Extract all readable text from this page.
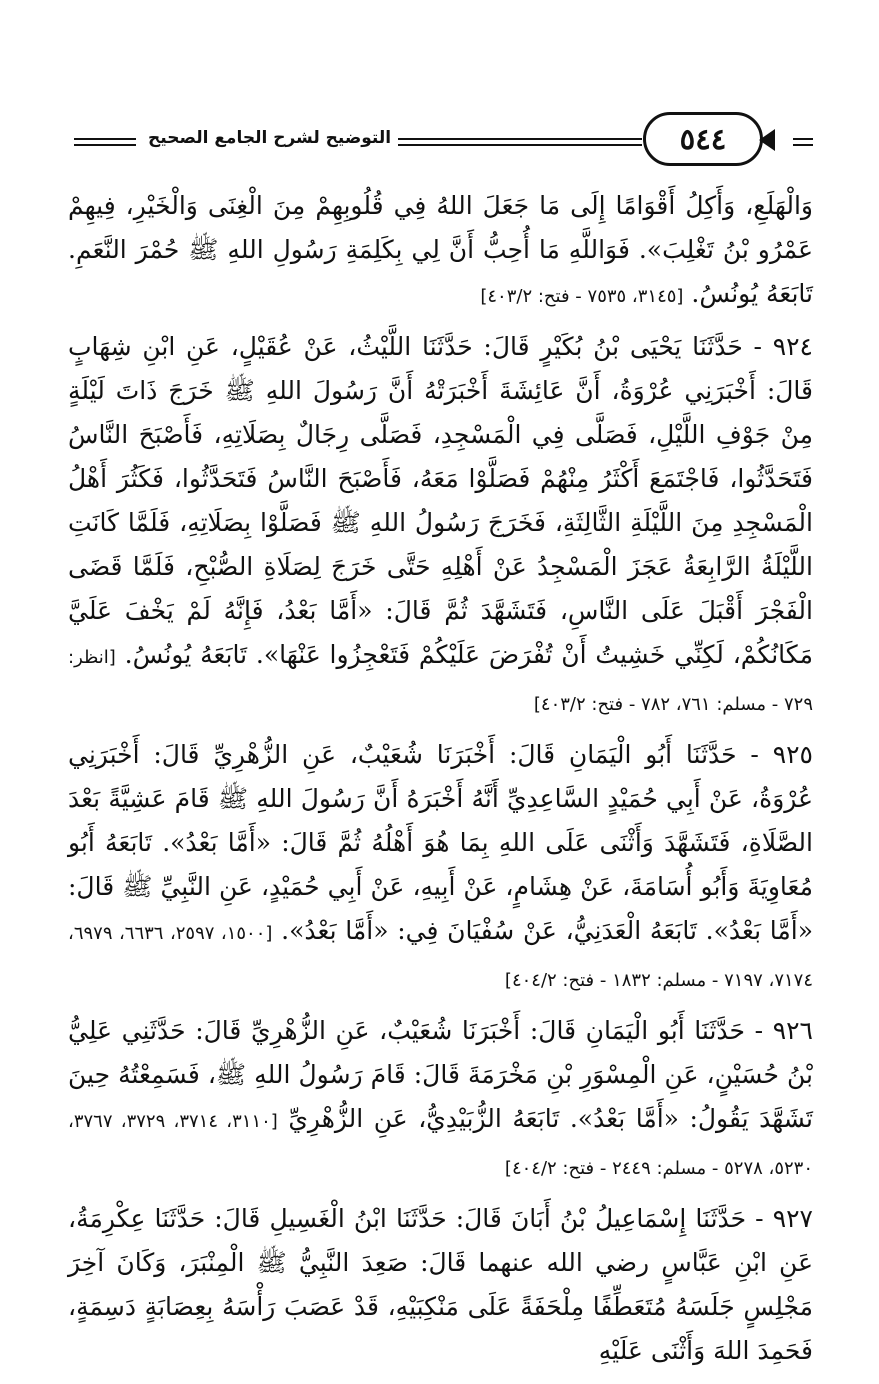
٥٤٤
التوضيح لشرح الجامع الصحيح

وَالْهَلَعِ، وَأَكِلُ أَقْوَامًا إِلَى مَا جَعَلَ اللهُ فِي قُلُوبِهِمْ مِنَ الْغِنَى وَالْخَيْرِ، فِيهِمْ عَمْرُو بْنُ تَغْلِبَ». فَوَاللَّهِ مَا أُحِبُّ أَنَّ لِي بِكَلِمَةِ رَسُولِ اللهِ ﷺ حُمْرَ النَّعَمِ. تَابَعَهُ يُونُسُ. [٣١٤٥، ٧٥٣٥ - فتح: ٤٠٣/٢]

٩٢٤ - حَدَّثَنَا يَحْيَى بْنُ بُكَيْرٍ قَالَ: حَدَّثَنَا اللَّيْثُ، عَنْ عُقَيْلٍ، عَنِ ابْنِ شِهَابٍ قَالَ: أَخْبَرَنِي عُرْوَةُ، أَنَّ عَائِشَةَ أَخْبَرَتْهُ أَنَّ رَسُولَ اللهِ ﷺ خَرَجَ ذَاتَ لَيْلَةٍ مِنْ جَوْفِ اللَّيْلِ، فَصَلَّى فِي الْمَسْجِدِ، فَصَلَّى رِجَالٌ بِصَلَاتِهِ، فَأَصْبَحَ النَّاسُ فَتَحَدَّثُوا، فَاجْتَمَعَ أَكْثَرُ مِنْهُمْ فَصَلَّوْا مَعَهُ، فَأَصْبَحَ النَّاسُ فَتَحَدَّثُوا، فَكَثُرَ أَهْلُ الْمَسْجِدِ مِنَ اللَّيْلَةِ الثَّالِثَةِ، فَخَرَجَ رَسُولُ اللهِ ﷺ فَصَلَّوْا بِصَلَاتِهِ، فَلَمَّا كَانَتِ اللَّيْلَةُ الرَّابِعَةُ عَجَزَ الْمَسْجِدُ عَنْ أَهْلِهِ حَتَّى خَرَجَ لِصَلَاةِ الصُّبْحِ، فَلَمَّا قَضَى الْفَجْرَ أَقْبَلَ عَلَى النَّاسِ، فَتَشَهَّدَ ثُمَّ قَالَ: «أَمَّا بَعْدُ، فَإِنَّهُ لَمْ يَخْفَ عَلَيَّ مَكَانُكُمْ، لَكِنِّي خَشِيتُ أَنْ تُفْرَضَ عَلَيْكُمْ فَتَعْجِزُوا عَنْهَا». تَابَعَهُ يُونُسُ. [انظر: ٧٢٩ - مسلم: ٧٦١، ٧٨٢ - فتح: ٤٠٣/٢]

٩٢٥ - حَدَّثَنَا أَبُو الْيَمَانِ قَالَ: أَخْبَرَنَا شُعَيْبٌ، عَنِ الزُّهْرِيِّ قَالَ: أَخْبَرَنِي عُرْوَةُ، عَنْ أَبِي حُمَيْدٍ السَّاعِدِيِّ أَنَّهُ أَخْبَرَهُ أَنَّ رَسُولَ اللهِ ﷺ قَامَ عَشِيَّةً بَعْدَ الصَّلَاةِ، فَتَشَهَّدَ وَأَثْنَى عَلَى اللهِ بِمَا هُوَ أَهْلُهُ ثُمَّ قَالَ: «أَمَّا بَعْدُ». تَابَعَهُ أَبُو مُعَاوِيَةَ وَأَبُو أُسَامَةَ، عَنْ هِشَامٍ، عَنْ أَبِيهِ، عَنْ أَبِي حُمَيْدٍ، عَنِ النَّبِيِّ ﷺ قَالَ: «أَمَّا بَعْدُ». تَابَعَهُ الْعَدَنِيُّ، عَنْ سُفْيَانَ فِي: «أَمَّا بَعْدُ». [١٥٠٠، ٢٥٩٧، ٦٦٣٦، ٦٩٧٩، ٧١٧٤، ٧١٩٧ - مسلم: ١٨٣٢ - فتح: ٤٠٤/٢]

٩٢٦ - حَدَّثَنَا أَبُو الْيَمَانِ قَالَ: أَخْبَرَنَا شُعَيْبٌ، عَنِ الزُّهْرِيِّ قَالَ: حَدَّثَنِي عَلِيُّ بْنُ حُسَيْنٍ، عَنِ الْمِسْوَرِ بْنِ مَخْرَمَةَ قَالَ: قَامَ رَسُولُ اللهِ ﷺ، فَسَمِعْتُهُ حِينَ تَشَهَّدَ يَقُولُ: «أَمَّا بَعْدُ». تَابَعَهُ الزُّبَيْدِيُّ، عَنِ الزُّهْرِيِّ [٣١١٠، ٣٧١٤، ٣٧٢٩، ٣٧٦٧، ٥٢٣٠، ٥٢٧٨ - مسلم: ٢٤٤٩ - فتح: ٤٠٤/٢]

٩٢٧ - حَدَّثَنَا إِسْمَاعِيلُ بْنُ أَبَانَ قَالَ: حَدَّثَنَا ابْنُ الْغَسِيلِ قَالَ: حَدَّثَنَا عِكْرِمَةُ، عَنِ ابْنِ عَبَّاسٍ رضي الله عنهما قَالَ: صَعِدَ النَّبِيُّ ﷺ الْمِنْبَرَ، وَكَانَ آخِرَ مَجْلِسٍ جَلَسَهُ مُتَعَطِّفًا مِلْحَفَةً عَلَى مَنْكِبَيْهِ، قَدْ عَصَبَ رَأْسَهُ بِعِصَابَةٍ دَسِمَةٍ، فَحَمِدَ اللهَ وَأَثْنَى عَلَيْهِ
